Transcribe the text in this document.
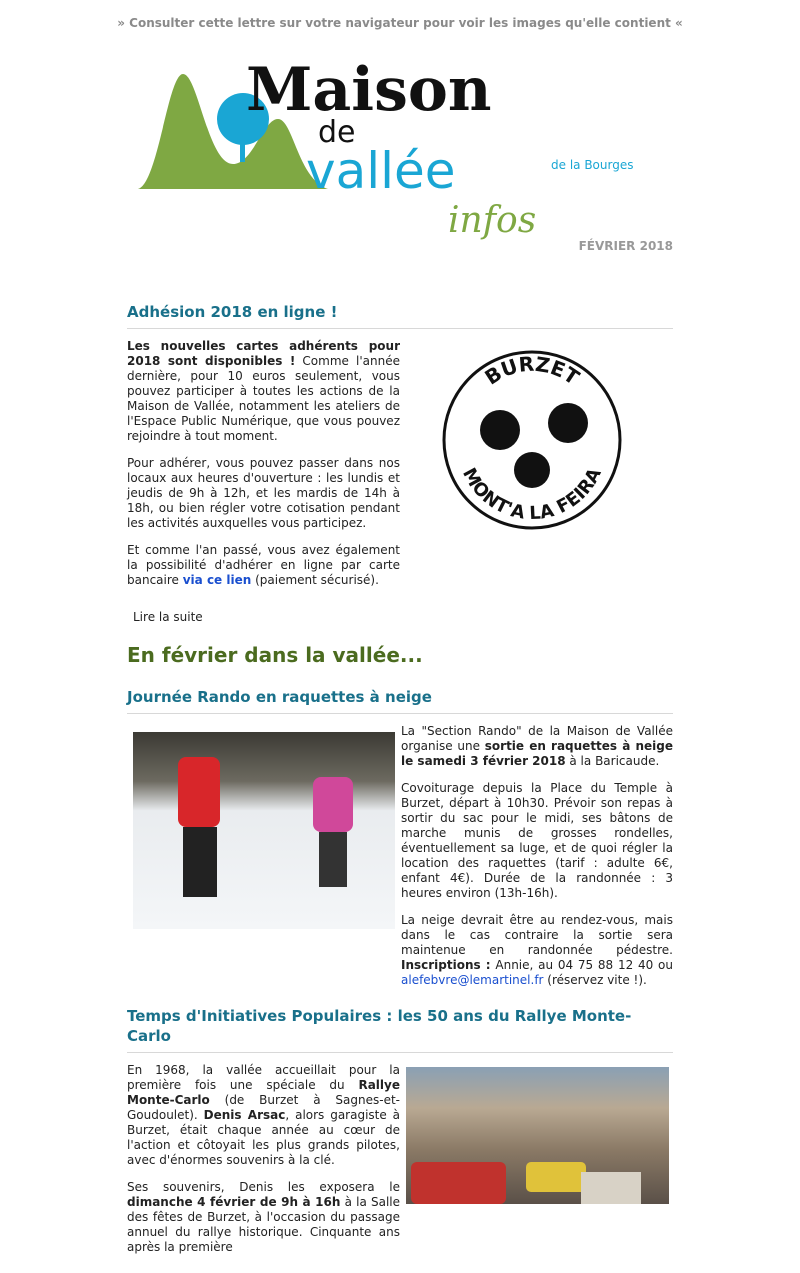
» Consulter cette lettre sur votre navigateur pour voir les images qu'elle contient «
Maison
de
vallée	de la Bourges
infos
FÉVRIER 2018
Adhésion 2018 en ligne !

Les nouvelles cartes adhérents pour 2018 sont disponibles ! Comme l'année dernière, pour 10 euros seulement, vous pouvez participer à toutes les actions de la Maison de Vallée, notamment les ateliers de l'Espace Public Numérique, que vous pouvez rejoindre à tout moment.

Pour adhérer, vous pouvez passer dans nos locaux aux heures d'ouverture : les lundis et jeudis de 9h à 12h, et les mardis de 14h à 18h, ou bien régler votre cotisation pendant les activités auxquelles vous participez.

Et comme l'an passé, vous avez également la possibilité d'adhérer en ligne par carte bancaire via ce lien (paiement sécurisé).

BURZET
MONT'A LA FEIRA
Lire la suite
En février dans la vallée...
Journée Rando en raquettes à neige

La "Section Rando" de la Maison de Vallée organise une sortie en raquettes à neige le samedi 3 février 2018 à la Baricaude.

Covoiturage depuis la Place du Temple à Burzet, départ à 10h30. Prévoir son repas à sortir du sac pour le midi, ses bâtons de marche munis de grosses rondelles, éventuellement sa luge, et de quoi régler la location des raquettes (tarif : adulte 6€, enfant 4€). Durée de la randonnée : 3 heures environ (13h-16h).

La neige devrait être au rendez-vous, mais dans le cas contraire la sortie sera maintenue en randonnée pédestre. Inscriptions : Annie, au 04 75 88 12 40 ou alefebvre@lemartinel.fr (réservez vite !).

Temps d'Initiatives Populaires : les 50 ans du Rallye Monte-Carlo

En 1968, la vallée accueillait pour la première fois une spéciale du Rallye Monte-Carlo (de Burzet à Sagnes-et-Goudoulet). Denis Arsac, alors garagiste à Burzet, était chaque année au cœur de l'action et côtoyait les plus grands pilotes, avec d'énormes souvenirs à la clé.

Ses souvenirs, Denis les exposera le dimanche 4 février de 9h à 16h à la Salle des fêtes de Burzet, à l'occasion du passage annuel du rallye historique. Cinquante ans après la première
